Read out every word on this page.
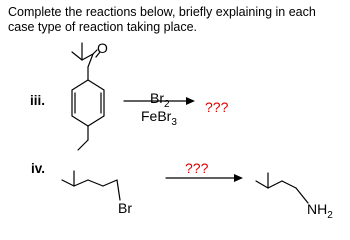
Complete the reactions below, briefly explaining in each case type of reaction taking place.

iii.
iv.
O
$Br_2$
FeBr$_3$
???
???
Br	$NH_2$
